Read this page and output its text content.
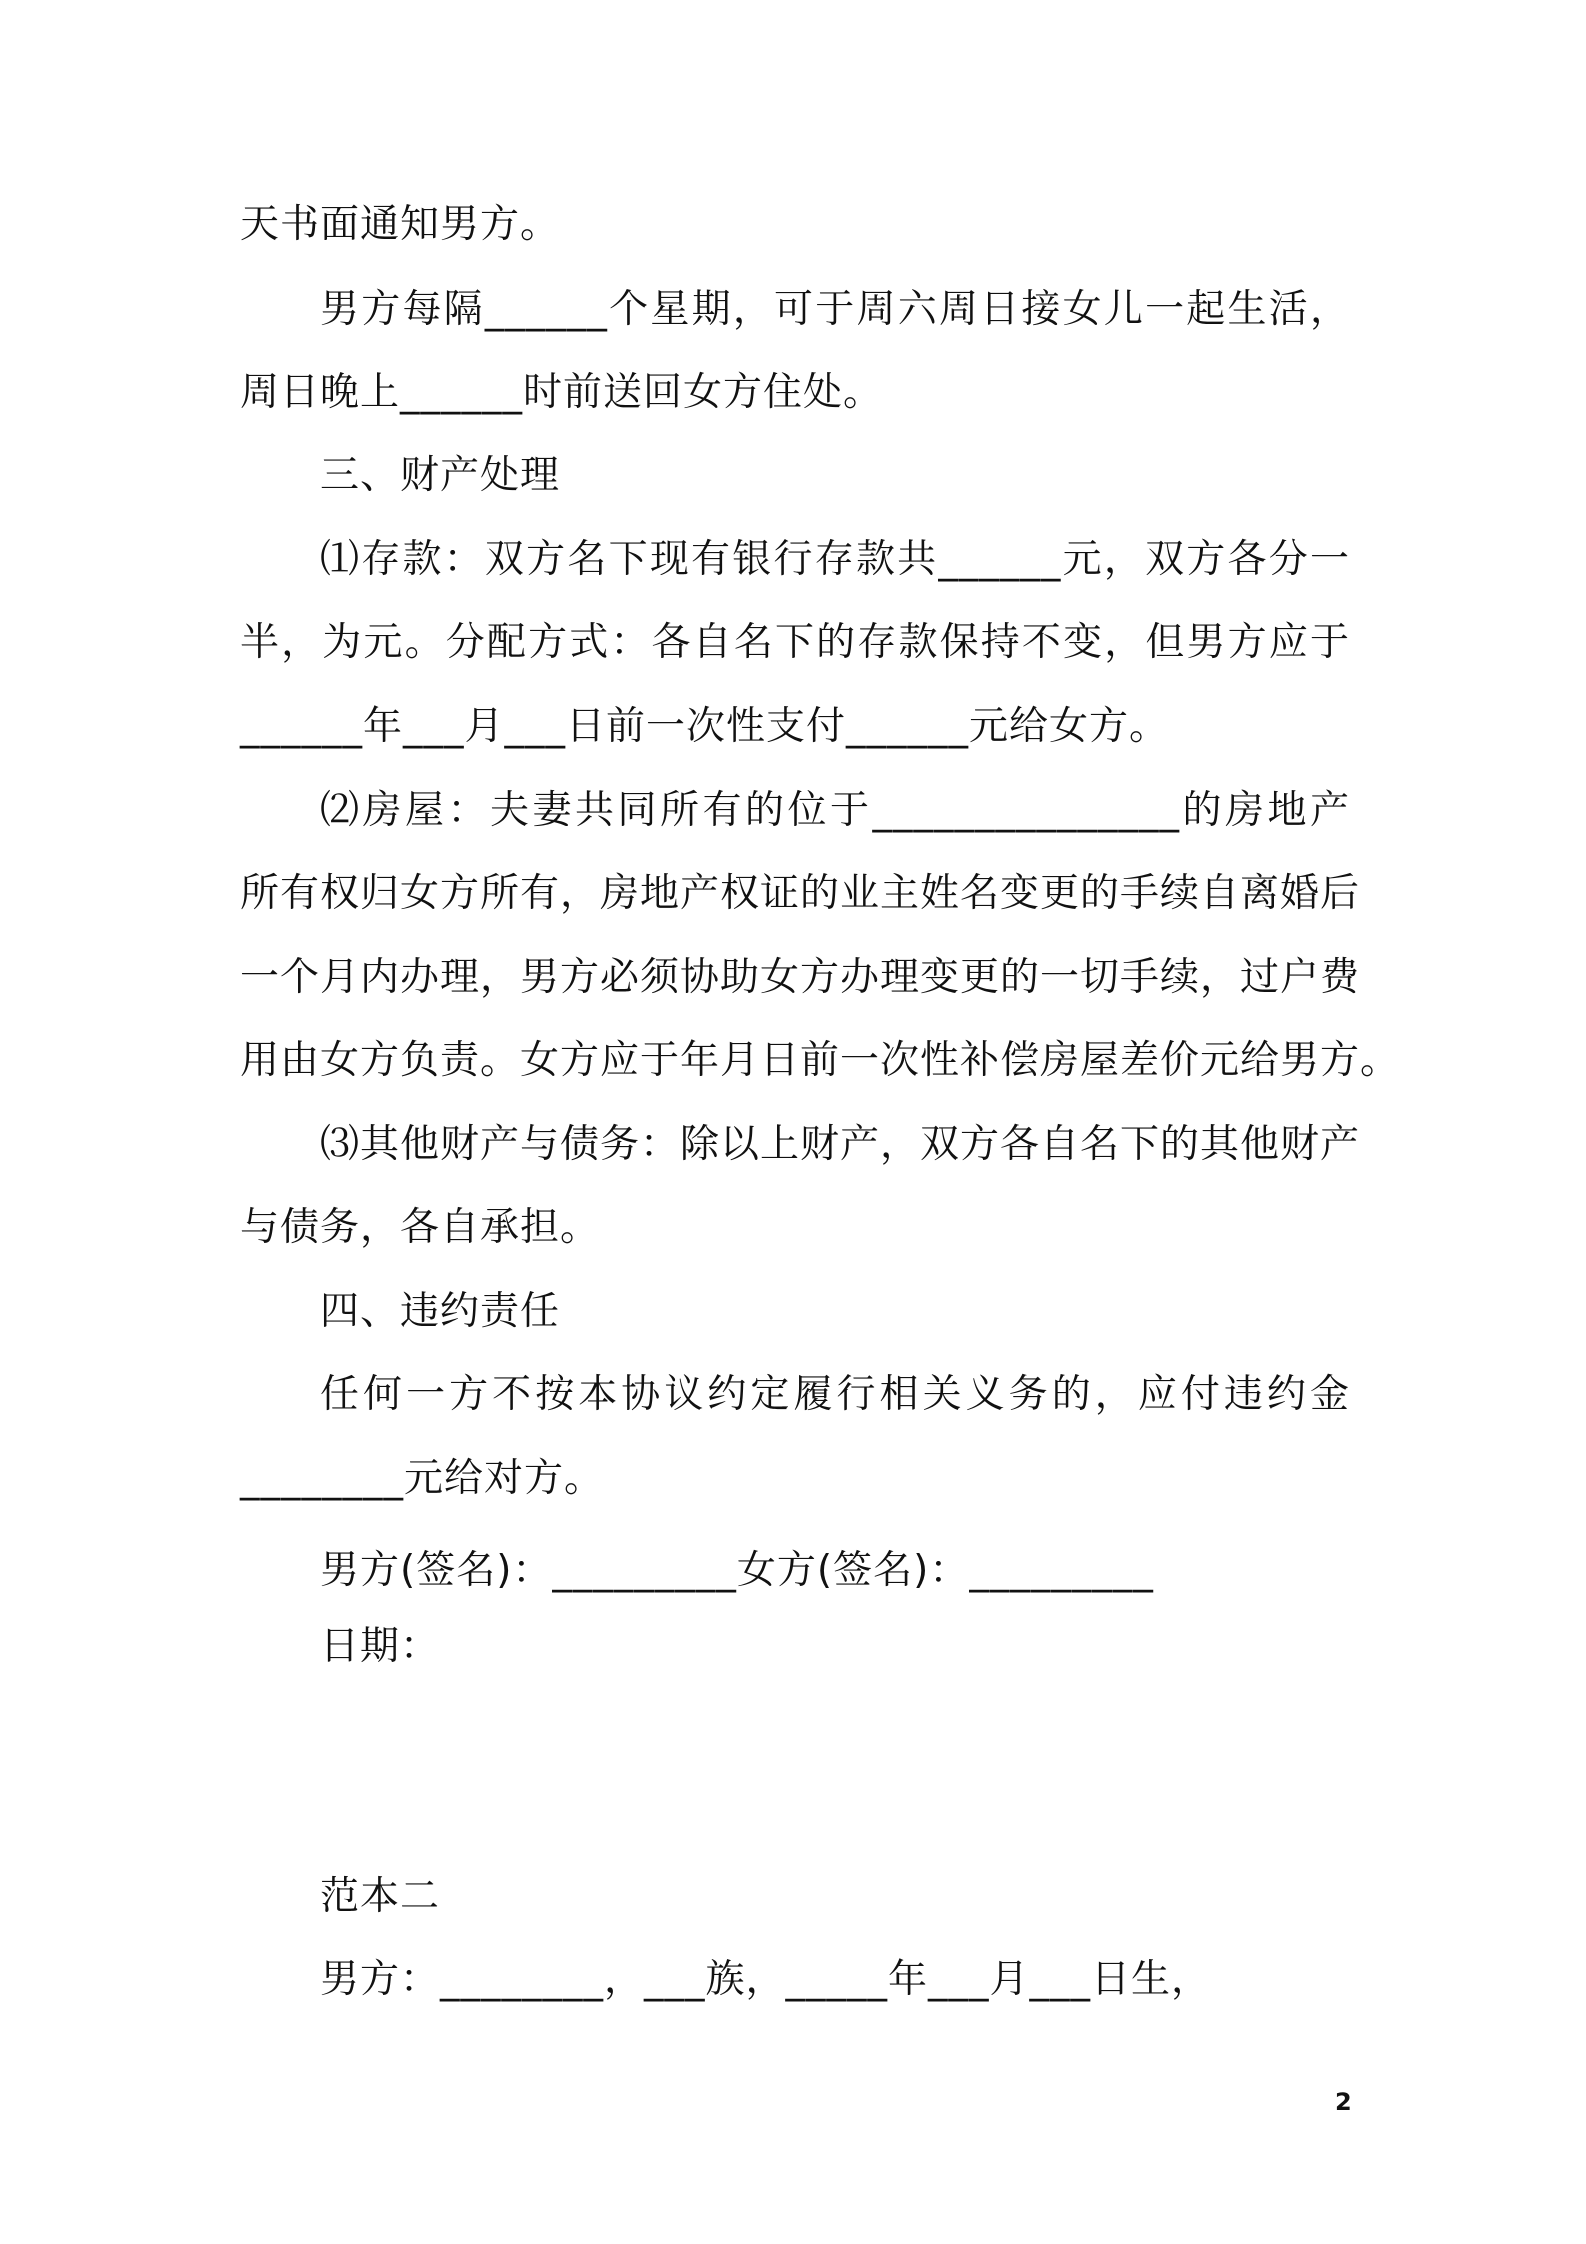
天书面通知男方。
男方每隔______个星期，可于周六周日接女儿一起生活，
周日晚上______时前送回女方住处。
三、财产处理
⑴存款：双方名下现有银行存款共______元，双方各分一
半，为元。分配方式：各自名下的存款保持不变，但男方应于
______年___月___日前一次性支付______元给女方。
⑵房屋：夫妻共同所有的位于_______________的房地产
所有权归女方所有，房地产权证的业主姓名变更的手续自离婚后
一个月内办理，男方必须协助女方办理变更的一切手续，过户费
用由女方负责。女方应于年月日前一次性补偿房屋差价元给男方。
⑶其他财产与债务：除以上财产，双方各自名下的其他财产
与债务，各自承担。
四、违约责任
任何一方不按本协议约定履行相关义务的，应付违约金
________元给对方。
男方(签名)：_________女方(签名)：_________
日期：
范本二
男方：________，___族，_____年___月___日生，
2
